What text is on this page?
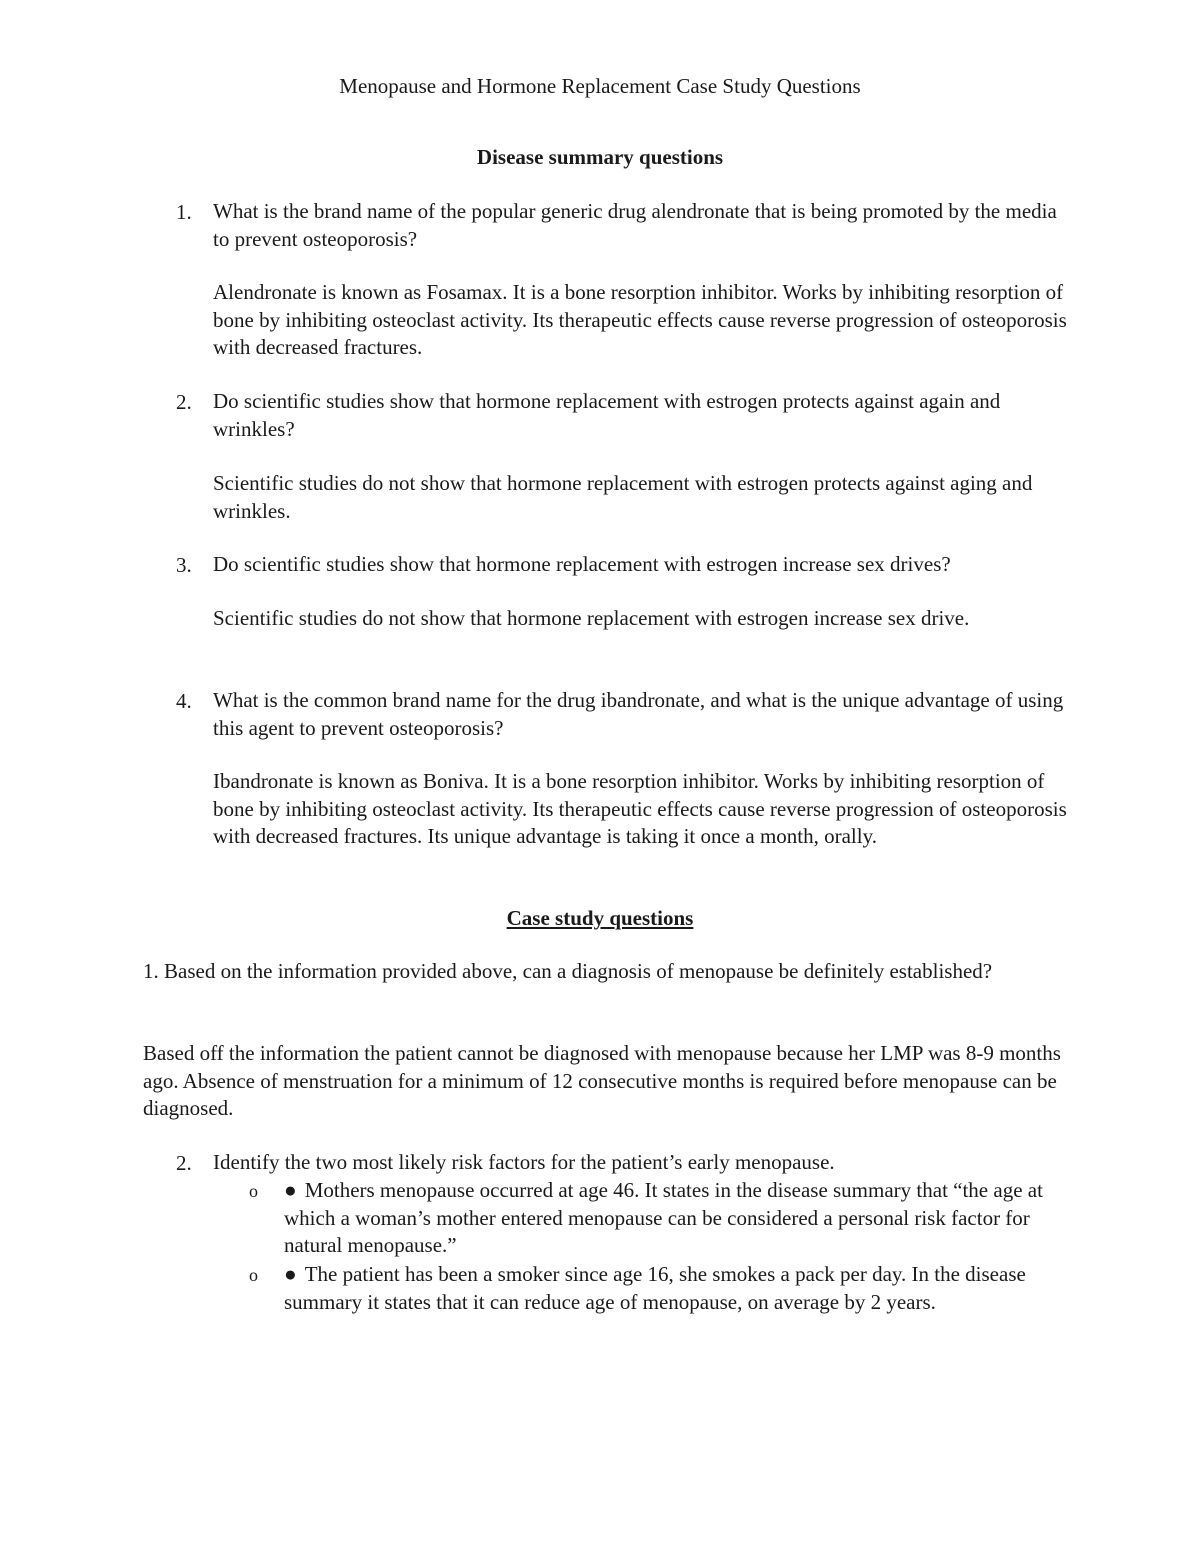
Menopause and Hormone Replacement Case Study Questions
Disease summary questions
1. What is the brand name of the popular generic drug alendronate that is being promoted by the media to prevent osteoporosis?
Alendronate is known as Fosamax. It is a bone resorption inhibitor. Works by inhibiting resorption of bone by inhibiting osteoclast activity. Its therapeutic effects cause reverse progression of osteoporosis with decreased fractures.
2. Do scientific studies show that hormone replacement with estrogen protects against again and wrinkles?
Scientific studies do not show that hormone replacement with estrogen protects against aging and wrinkles.
3. Do scientific studies show that hormone replacement with estrogen increase sex drives?
Scientific studies do not show that hormone replacement with estrogen increase sex drive.
4. What is the common brand name for the drug ibandronate, and what is the unique advantage of using this agent to prevent osteoporosis?
Ibandronate is known as Boniva. It is a bone resorption inhibitor. Works by inhibiting resorption of bone by inhibiting osteoclast activity. Its therapeutic effects cause reverse progression of osteoporosis with decreased fractures. Its unique advantage is taking it once a month, orally.
Case study questions
1. Based on the information provided above, can a diagnosis of menopause be definitely established?
Based off the information the patient cannot be diagnosed with menopause because her LMP was 8-9 months ago. Absence of menstruation for a minimum of 12 consecutive months is required before menopause can be diagnosed.
2. Identify the two most likely risk factors for the patient’s early menopause.
o ● Mothers menopause occurred at age 46. It states in the disease summary that “the age at which a woman’s mother entered menopause can be considered a personal risk factor for natural menopause.”
o ● The patient has been a smoker since age 16, she smokes a pack per day. In the disease summary it states that it can reduce age of menopause, on average by 2 years.
